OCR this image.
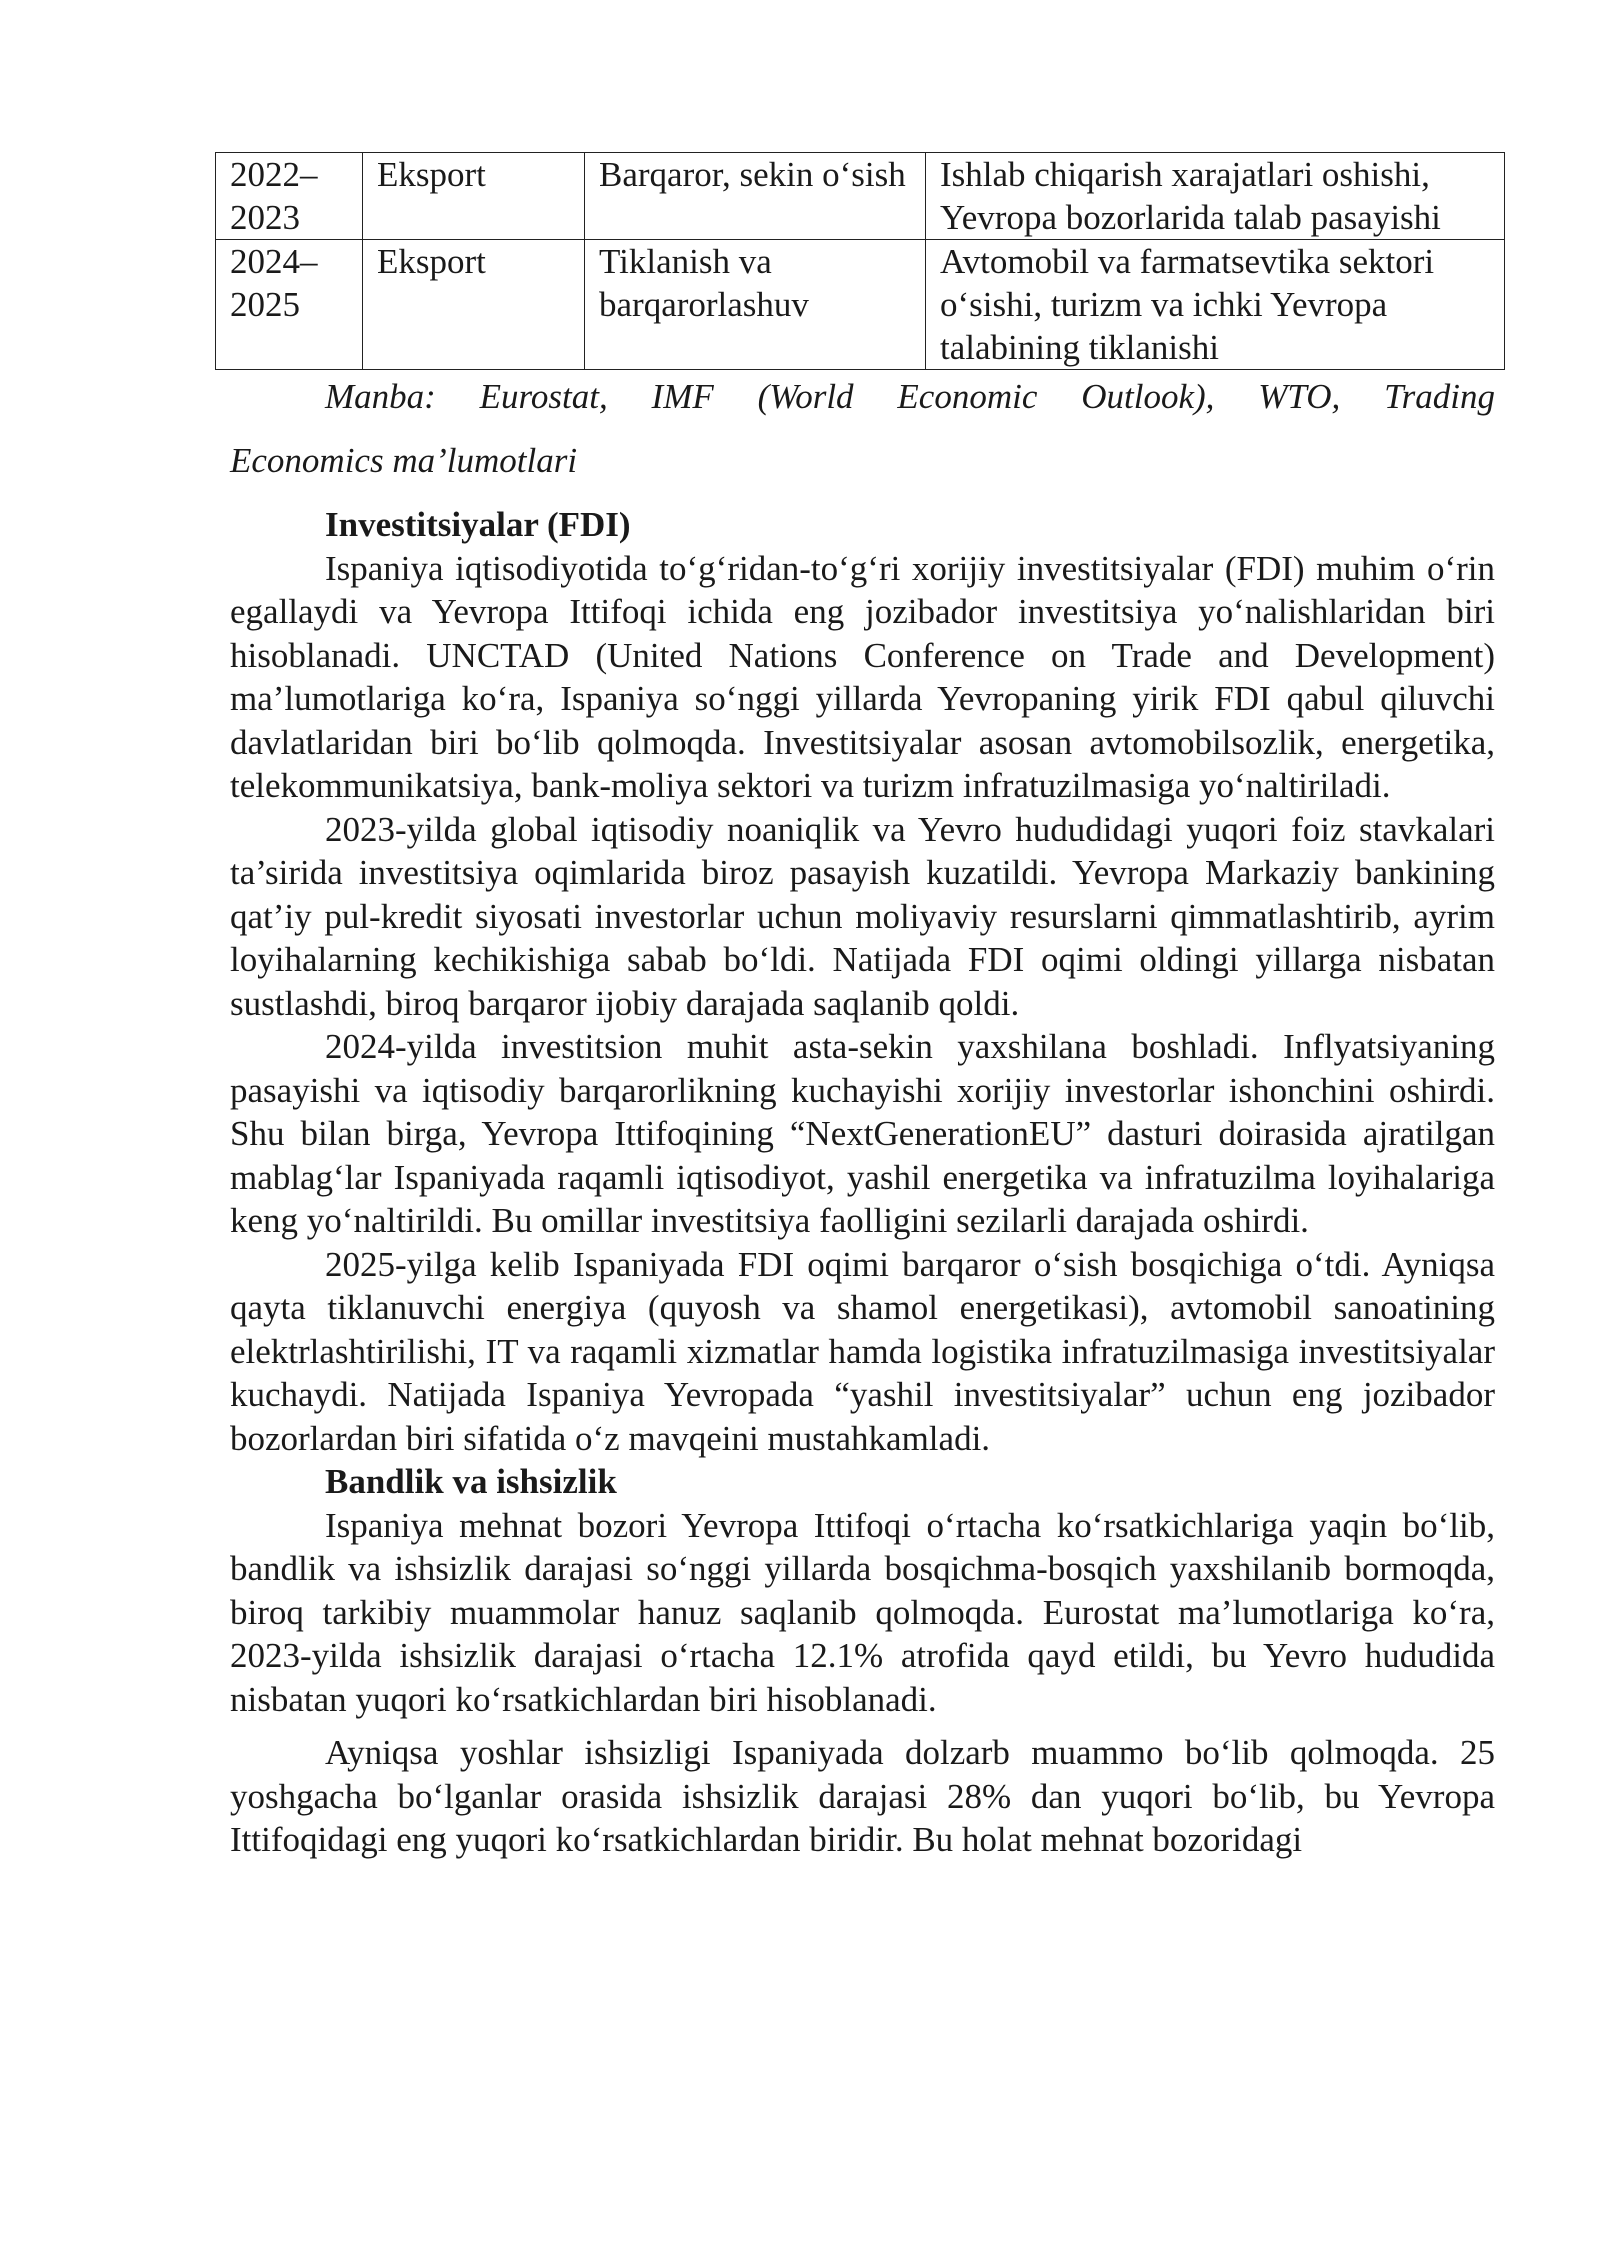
2022–2023	Eksport	Barqaror, sekin o‘sish	Ishlab chiqarish xarajatlari oshishi, Yevropa bozorlarida talab pasayishi
2024–2025	Eksport	Tiklanish va barqarorlashuv	Avtomobil va farmatsevtika sektori o‘sishi, turizm va ichki Yevropa talabining tiklanishi
Manba: Eurostat, IMF (World Economic Outlook), WTO, Trading
Economics ma’lumotlari

Investitsiyalar (FDI)

Ispaniya iqtisodiyotida to‘g‘ridan-to‘g‘ri xorijiy investitsiyalar (FDI) muhim o‘rin egallaydi va Yevropa Ittifoqi ichida eng jozibador investitsiya yo‘nalishlaridan biri hisoblanadi. UNCTAD (United Nations Conference on Trade and Development) ma’lumotlariga ko‘ra, Ispaniya so‘nggi yillarda Yevropaning yirik FDI qabul qiluvchi davlatlaridan biri bo‘lib qolmoqda. Investitsiyalar asosan avtomobilsozlik, energetika, telekommunikatsiya, bank-moliya sektori va turizm infratuzilmasiga yo‘naltiriladi.

2023-yilda global iqtisodiy noaniqlik va Yevro hududidagi yuqori foiz stavkalari ta’sirida investitsiya oqimlarida biroz pasayish kuzatildi. Yevropa Markaziy bankining qat’iy pul-kredit siyosati investorlar uchun moliyaviy resurslarni qimmatlashtirib, ayrim loyihalarning kechikishiga sabab bo‘ldi. Natijada FDI oqimi oldingi yillarga nisbatan sustlashdi, biroq barqaror ijobiy darajada saqlanib qoldi.

2024-yilda investitsion muhit asta-sekin yaxshilana boshladi. Inflyatsiyaning pasayishi va iqtisodiy barqarorlikning kuchayishi xorijiy investorlar ishonchini oshirdi. Shu bilan birga, Yevropa Ittifoqining “NextGenerationEU” dasturi doirasida ajratilgan mablag‘lar Ispaniyada raqamli iqtisodiyot, yashil energetika va infratuzilma loyihalariga keng yo‘naltirildi. Bu omillar investitsiya faolligini sezilarli darajada oshirdi.

2025-yilga kelib Ispaniyada FDI oqimi barqaror o‘sish bosqichiga o‘tdi. Ayniqsa qayta tiklanuvchi energiya (quyosh va shamol energetikasi), avtomobil sanoatining elektrlashtirilishi, IT va raqamli xizmatlar hamda logistika infratuzilmasiga investitsiyalar kuchaydi. Natijada Ispaniya Yevropada “yashil investitsiyalar” uchun eng jozibador bozorlardan biri sifatida o‘z mavqeini mustahkamladi.

Bandlik va ishsizlik

Ispaniya mehnat bozori Yevropa Ittifoqi o‘rtacha ko‘rsatkichlariga yaqin bo‘lib, bandlik va ishsizlik darajasi so‘nggi yillarda bosqichma-bosqich yaxshilanib bormoqda, biroq tarkibiy muammolar hanuz saqlanib qolmoqda. Eurostat ma’lumotlariga ko‘ra, 2023-yilda ishsizlik darajasi o‘rtacha 12.1% atrofida qayd etildi, bu Yevro hududida nisbatan yuqori ko‘rsatkichlardan biri hisoblanadi.

Ayniqsa yoshlar ishsizligi Ispaniyada dolzarb muammo bo‘lib qolmoqda. 25 yoshgacha bo‘lganlar orasida ishsizlik darajasi 28% dan yuqori bo‘lib, bu Yevropa Ittifoqidagi eng yuqori ko‘rsatkichlardan biridir. Bu holat mehnat bozoridagi
